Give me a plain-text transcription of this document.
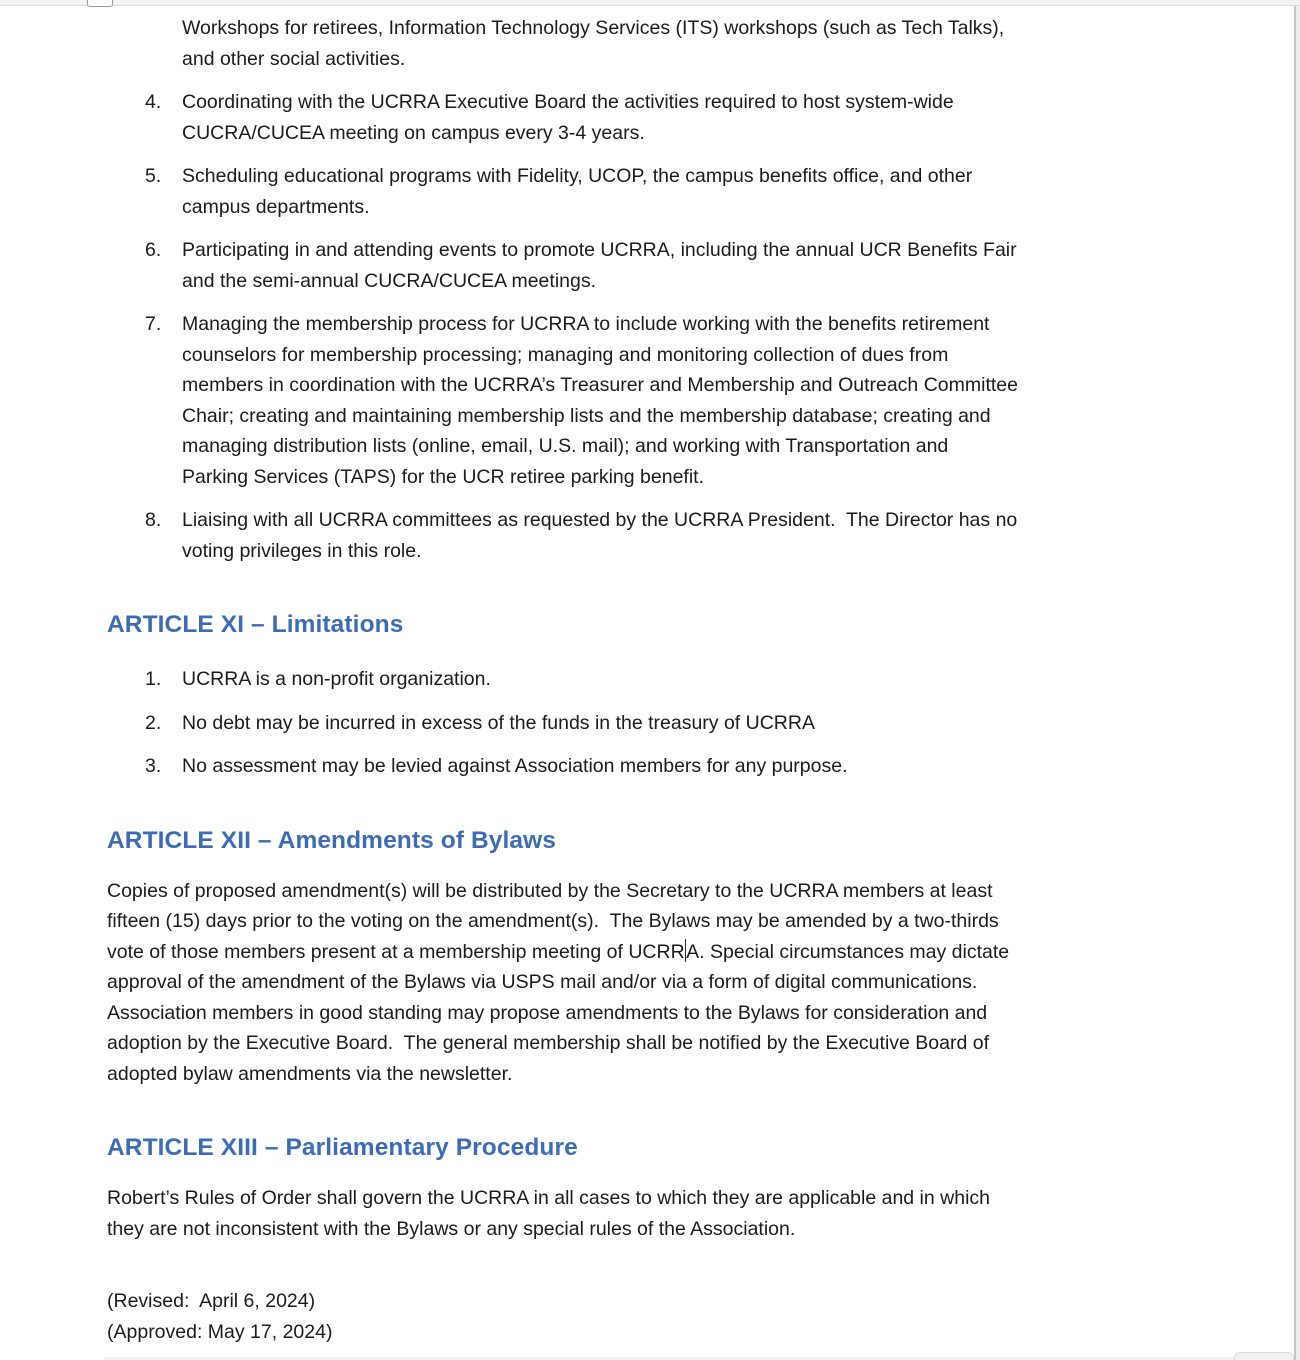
Workshops for retirees, Information Technology Services (ITS) workshops (such as Tech Talks),
and other social activities.
4.	Coordinating with the UCRRA Executive Board the activities required to host system-wide
CUCRA/CUCEA meeting on campus every 3-4 years.
5.	Scheduling educational programs with Fidelity, UCOP, the campus benefits office, and other
campus departments.
6.	Participating in and attending events to promote UCRRA, including the annual UCR Benefits Fair
and the semi-annual CUCRA/CUCEA meetings.
7.	Managing the membership process for UCRRA to include working with the benefits retirement
counselors for membership processing; managing and monitoring collection of dues from
members in coordination with the UCRRA’s Treasurer and Membership and Outreach Committee
Chair; creating and maintaining membership lists and the membership database; creating and
managing distribution lists (online, email, U.S. mail); and working with Transportation and
Parking Services (TAPS) for the UCR retiree parking benefit.
8.	Liaising with all UCRRA committees as requested by the UCRRA President.  The Director has no
voting privileges in this role.
ARTICLE XI – Limitations
1.	UCRRA is a non-profit organization.
2.	No debt may be incurred in excess of the funds in the treasury of UCRRA
3.	No assessment may be levied against Association members for any purpose.
ARTICLE XII – Amendments of Bylaws
Copies of proposed amendment(s) will be distributed by the Secretary to the UCRRA members at least
fifteen (15) days prior to the voting on the amendment(s).  The Bylaws may be amended by a two-thirds
vote of those members present at a membership meeting of UCRRA. Special circumstances may dictate
approval of the amendment of the Bylaws via USPS mail and/or via a form of digital communications.
Association members in good standing may propose amendments to the Bylaws for consideration and
adoption by the Executive Board.  The general membership shall be notified by the Executive Board of
adopted bylaw amendments via the newsletter.
ARTICLE XIII – Parliamentary Procedure
Robert’s Rules of Order shall govern the UCRRA in all cases to which they are applicable and in which
they are not inconsistent with the Bylaws or any special rules of the Association.
(Revised:  April 6, 2024)
(Approved: May 17, 2024)
